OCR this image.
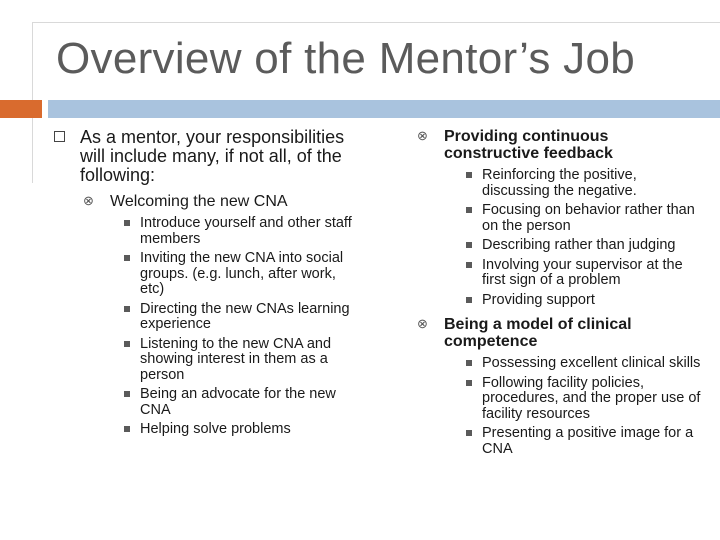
Overview of the Mentor’s Job
As a mentor, your responsibilities will include many, if not all, of the following:
⊗ Welcoming the new CNA
Introduce yourself and other staff members
Inviting the new CNA into social groups. (e.g. lunch, after work, etc)
Directing the new CNAs learning experience
Listening to the new CNA and showing interest in them as a person
Being an advocate for the new CNA
Helping solve problems
⊗ Providing continuous constructive feedback
Reinforcing the positive, discussing the negative.
Focusing on behavior rather than on the person
Describing rather than judging
Involving your supervisor at the first sign of a problem
Providing support
⊗ Being a model of clinical competence
Possessing excellent clinical skills
Following facility policies, procedures, and the proper use of facility resources
Presenting a positive image for a CNA
